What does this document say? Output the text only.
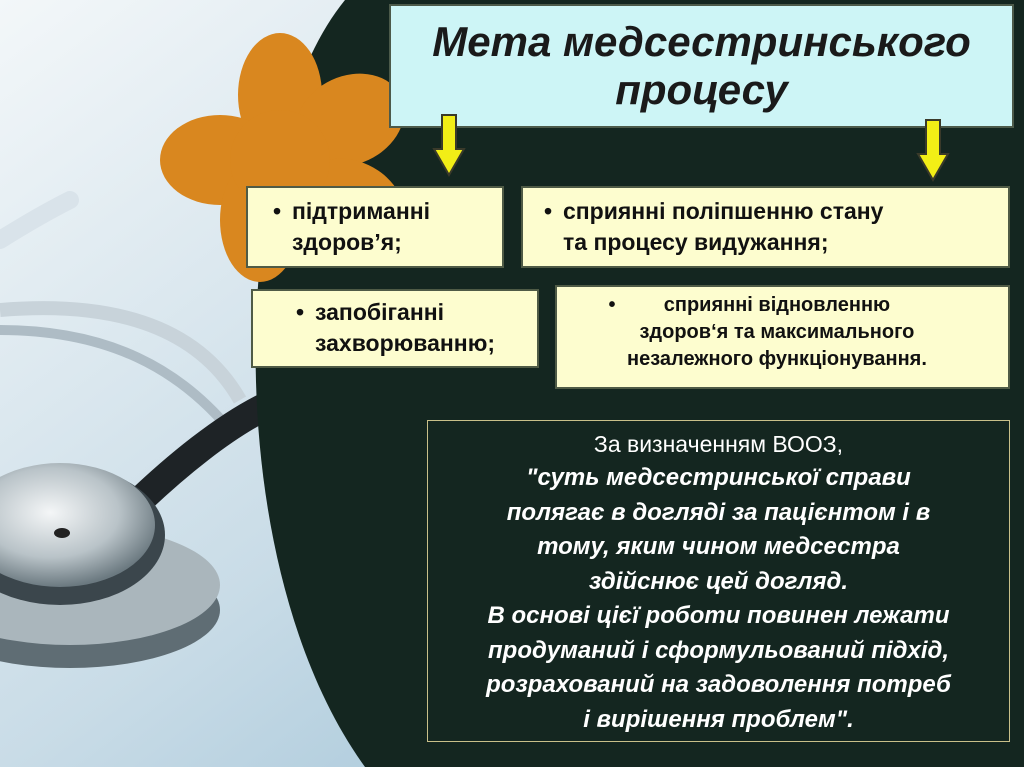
Мета медсестринського
процесу
• підтриманні
здоров’я;
• сприянні поліпшенню стану
та процесу видужання;
• запобіганні
захворюванню;
•	сприянні відновленню
здоров‘я та максимального
незалежного функціонування.
За визначенням ВООЗ,
"суть медсестринської справи
полягає в догляді за пацієнтом і в
тому, яким чином медсестра
здійснює цей догляд.
В основі цієї роботи повинен лежати
продуманий і сформульований підхід,
розрахований на задоволення потреб
і вирішення проблем".
